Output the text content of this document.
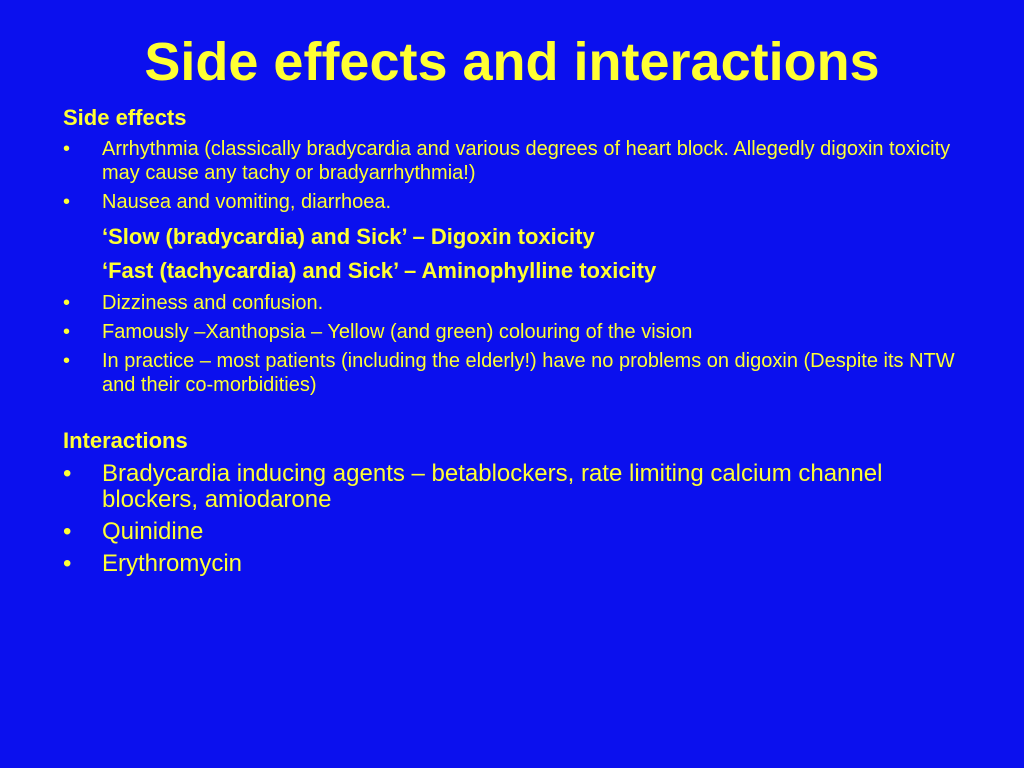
Side effects and interactions
Side effects
• Arrhythmia (classically bradycardia and various degrees of heart block. Allegedly digoxin toxicity may cause any tachy or bradyarrhythmia!)
• Nausea and vomiting, diarrhoea.
‘Slow (bradycardia) and Sick’ – Digoxin toxicity
‘Fast (tachycardia) and Sick’ – Aminophylline toxicity
• Dizziness and confusion.
• Famously –Xanthopsia – Yellow (and green) colouring of the vision
• In practice – most patients (including the elderly!) have no problems on digoxin (Despite its NTW and their co-morbidities)
Interactions
• Bradycardia inducing agents – betablockers, rate limiting calcium channel blockers, amiodarone
• Quinidine
• Erythromycin
